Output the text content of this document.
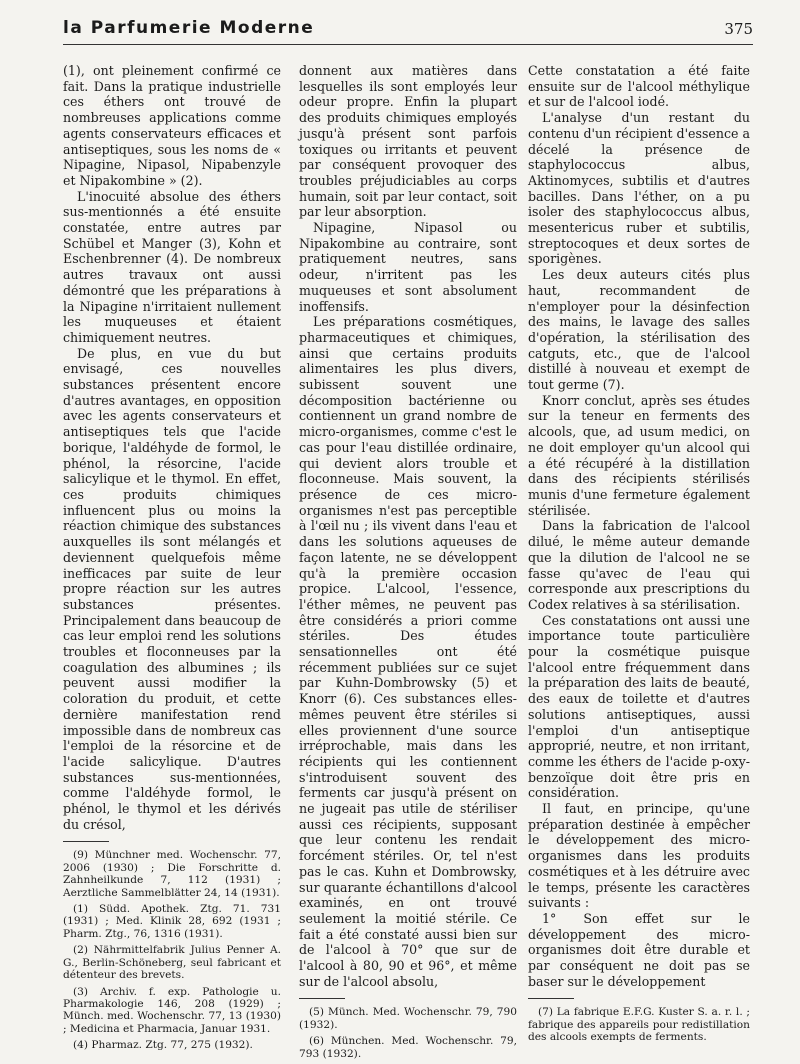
la Parfumerie Moderne	375

(1), ont pleinement confirmé ce fait. Dans la pratique industrielle ces éthers ont trouvé de nombreuses applications comme agents conservateurs efficaces et antiseptiques, sous les noms de « Nipagine, Nipasol, Nipabenzyle et Nipakombine » (2).

L'inocuité absolue des éthers sus-mentionnés a été ensuite constatée, entre autres par Schübel et Manger (3), Kohn et Eschenbrenner (4). De nombreux autres travaux ont aussi démontré que les préparations à la Nipagine n'irritaient nullement les muqueuses et étaient chimiquement neutres.

De plus, en vue du but envisagé, ces nouvelles substances présentent encore d'autres avantages, en opposition avec les agents conservateurs et antiseptiques tels que l'acide borique, l'aldéhyde de formol, le phénol, la résorcine, l'acide salicylique et le thymol. En effet, ces produits chimiques influencent plus ou moins la réaction chimique des substances auxquelles ils sont mélangés et deviennent quelquefois même inefficaces par suite de leur propre réaction sur les autres substances présentes. Principalement dans beaucoup de cas leur emploi rend les solutions troubles et floconneuses par la coagulation des albumines ; ils peuvent aussi modifier la coloration du produit, et cette dernière manifestation rend impossible dans de nombreux cas l'emploi de la résorcine et de l'acide salicylique. D'autres substances sus-mentionnées, comme l'aldéhyde formol, le phénol, le thymol et les dérivés du crésol,

(9) Münchner med. Wochenschr. 77, 2006 (1930) ; Die Forschritte d. Zahnheilkunde 7, 112 (1931) ; Aerztliche Sammelblätter 24, 14 (1931).

(1) Südd. Apothek. Ztg. 71. 731 (1931) ; Med. Klinik 28, 692 (1931 ; Pharm. Ztg., 76, 1316 (1931).

(2) Nährmittelfabrik Julius Penner A. G., Berlin-Schöneberg, seul fabricant et détenteur des brevets.

(3) Archiv. f. exp. Pathologie u. Pharmakologie 146, 208 (1929) ; Münch. med. Wochenschr. 77, 13 (1930) ; Medicina et Pharmacia, Januar 1931.

(4) Pharmaz. Ztg. 77, 275 (1932).

donnent aux matières dans lesquelles ils sont employés leur odeur propre. Enfin la plupart des produits chimiques employés jusqu'à présent sont parfois toxiques ou irritants et peuvent par conséquent provoquer des troubles préjudiciables au corps humain, soit par leur contact, soit par leur absorption.

Nipagine, Nipasol ou Nipakombine au contraire, sont pratiquement neutres, sans odeur, n'irritent pas les muqueuses et sont absolument inoffensifs.

Les préparations cosmétiques, pharmaceutiques et chimiques, ainsi que certains produits alimentaires les plus divers, subissent souvent une décomposition bactérienne ou contiennent un grand nombre de micro-organismes, comme c'est le cas pour l'eau distillée ordinaire, qui devient alors trouble et floconneuse. Mais souvent, la présence de ces micro-organismes n'est pas perceptible à l'œil nu ; ils vivent dans l'eau et dans les solutions aqueuses de façon latente, ne se développent qu'à la première occasion propice. L'alcool, l'essence, l'éther mêmes, ne peuvent pas être considérés a priori comme stériles. Des études sensationnelles ont été récemment publiées sur ce sujet par Kuhn-Dombrowsky (5) et Knorr (6). Ces substances elles-mêmes peuvent être stériles si elles proviennent d'une source irréprochable, mais dans les récipients qui les contiennent s'introduisent souvent des ferments car jusqu'à présent on ne jugeait pas utile de stériliser aussi ces récipients, supposant que leur contenu les rendait forcément stériles. Or, tel n'est pas le cas. Kuhn et Dombrowsky, sur quarante échantillons d'alcool examinés, en ont trouvé seulement la moitié stérile. Ce fait a été constaté aussi bien sur de l'alcool à 70° que sur de l'alcool à 80, 90 et 96°, et même sur de l'alcool absolu,

(5) Münch. Med. Wochenschr. 79, 790 (1932).

(6) München. Med. Wochenschr. 79, 793 (1932).

Cette constatation a été faite ensuite sur de l'alcool méthylique et sur de l'alcool iodé.

L'analyse d'un restant du contenu d'un récipient d'essence a décelé la présence de staphylococcus albus, Aktinomyces, subtilis et d'autres bacilles. Dans l'éther, on a pu isoler des staphylococcus albus, mesentericus ruber et subtilis, streptocoques et deux sortes de sporigènes.

Les deux auteurs cités plus haut, recommandent de n'employer pour la désinfection des mains, le lavage des salles d'opération, la stérilisation des catguts, etc., que de l'alcool distillé à nouveau et exempt de tout germe (7).

Knorr conclut, après ses études sur la teneur en ferments des alcools, que, ad usum medici, on ne doit employer qu'un alcool qui a été récupéré à la distillation dans des récipients stérilisés munis d'une fermeture également stérilisée.

Dans la fabrication de l'alcool dilué, le même auteur demande que la dilution de l'alcool ne se fasse qu'avec de l'eau qui corresponde aux prescriptions du Codex relatives à sa stérilisation.

Ces constatations ont aussi une importance toute particulière pour la cosmétique puisque l'alcool entre fréquemment dans la préparation des laits de beauté, des eaux de toilette et d'autres solutions antiseptiques, aussi l'emploi d'un antiseptique approprié, neutre, et non irritant, comme les éthers de l'acide p-oxy-benzoïque doit être pris en considération.

Il faut, en principe, qu'une préparation destinée à empêcher le développement des micro-organismes dans les produits cosmétiques et à les détruire avec le temps, présente les caractères suivants :

1° Son effet sur le développement des micro-organismes doit être durable et par conséquent ne doit pas se baser sur le développement

(7) La fabrique E.F.G. Kuster S. a. r. l. ; fabrique des appareils pour redistillation des alcools exempts de ferments.
